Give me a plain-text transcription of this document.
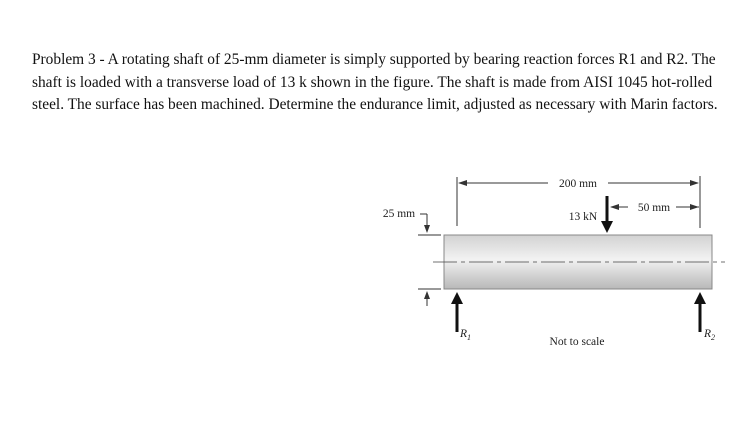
Problem 3 - A rotating shaft of 25-mm diameter is simply supported by bearing reaction forces R1 and R2. The shaft is loaded with a transverse load of 13 k shown in the figure. The shaft is made from AISI 1045 hot-rolled steel. The surface has been machined. Determine the endurance limit, adjusted as necessary with Marin factors.

200 mm
50 mm
13 kN
25 mm
$R_1$	$R_2$
Not to scale
